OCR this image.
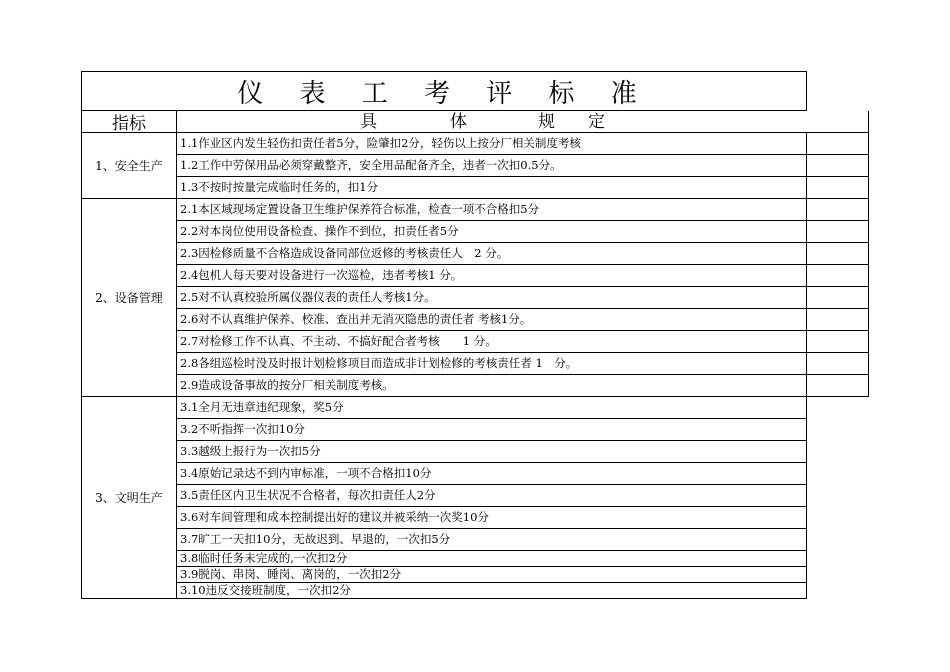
仪 表 工 考 评 标 准
指标	具	体	规 定
1、安全生产
1.1作业区内发生轻伤扣责任者5分，险肇扣2分，轻伤以上按分厂相关制度考核
1.2工作中劳保用品必须穿戴整齐，安全用品配备齐全，违者一次扣0.5分。
1.3不按时按量完成临时任务的，扣1分
2、设备管理
2.1本区域现场定置设备卫生维护保养符合标准，检查一项不合格扣5分
2.2对本岗位使用设备检查、操作不到位，扣责任者5分
2.3因检修质量不合格造成设备同部位返修的考核责任人　2 分。
2.4包机人每天要对设备进行一次巡检，违者考核1 分。
2.5对不认真校验所属仪器仪表的责任人考核1分。
2.6对不认真维护保养、校准、查出并无消灭隐患的责任者 考核1分。
2.7对检修工作不认真、不主动、不搞好配合者考核　　1 分。
2.8各组巡检时没及时报计划检修项目而造成非计划检修的考核责任者 1　分。
2.9造成设备事故的按分厂相关制度考核。
3、文明生产
3.1全月无违章违纪现象，奖5分
3.2不听指挥一次扣10分
3.3越级上报行为一次扣5分
3.4原始记录达不到内审标准，一项不合格扣10分
3.5责任区内卫生状况不合格者，每次扣责任人2分
3.6对车间管理和成本控制提出好的建议并被采纳一次奖10分
3.7旷工一天扣10分，无故迟到、早退的，一次扣5分
3.8临时任务未完成的,一次扣2分
3.9脱岗、串岗、睡岗、离岗的，一次扣2分
3.10违反交接班制度，一次扣2分
